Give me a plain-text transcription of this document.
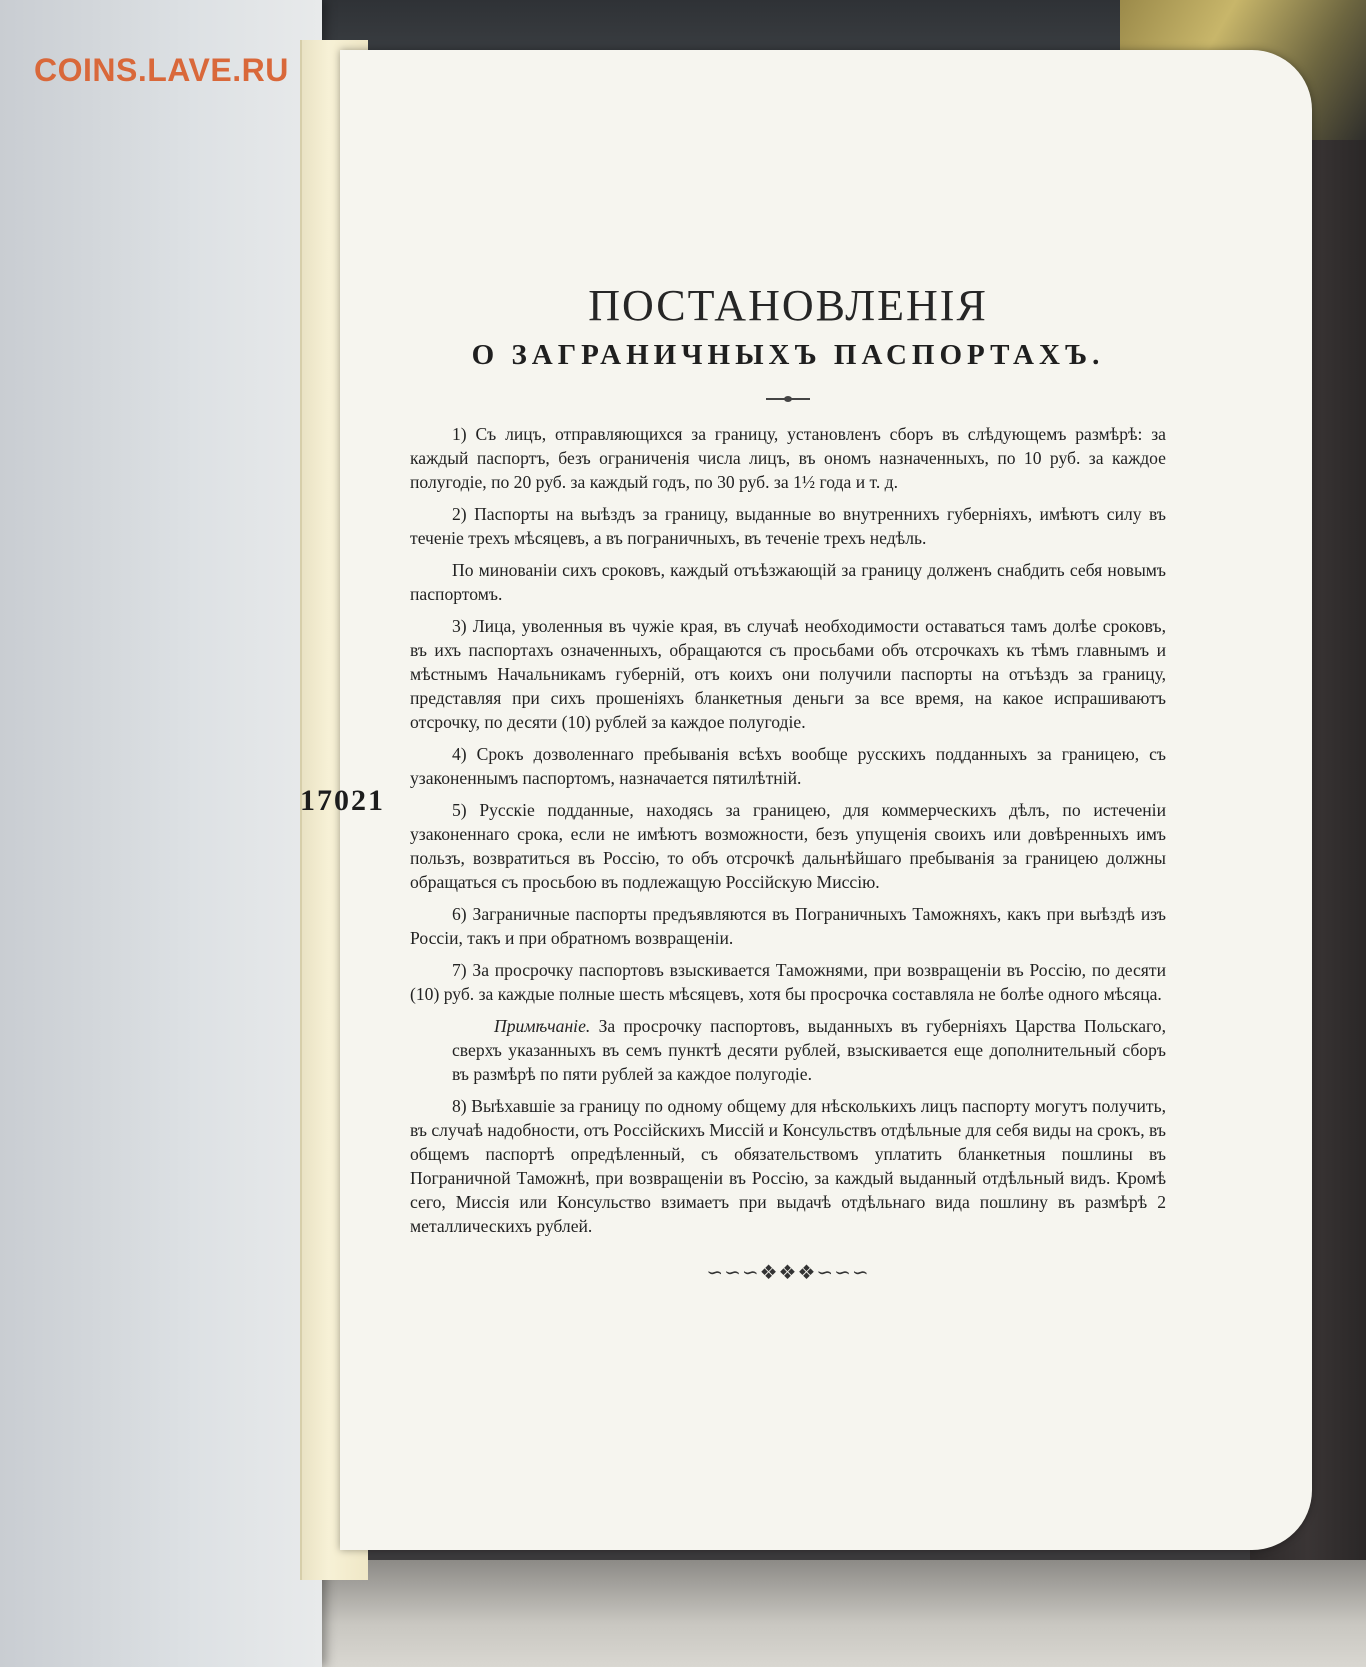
COINS.LAVE.RU
17021
ПОСТАНОВЛЕНІЯ
О ЗАГРАНИЧНЫХЪ ПАСПОРТАХЪ.

1) Съ лицъ, отправляющихся за границу, установленъ сборъ въ слѣдующемъ размѣрѣ: за каждый паспортъ, безъ ограниченія числа лицъ, въ ономъ назначенныхъ, по 10 руб. за каждое полугодіе, по 20 руб. за каждый годъ, по 30 руб. за 1½ года и т. д.

2) Паспорты на выѣздъ за границу, выданные во внутреннихъ губерніяхъ, имѣютъ силу въ теченіе трехъ мѣсяцевъ, а въ пограничныхъ, въ теченіе трехъ недѣль.

По минованіи сихъ сроковъ, каждый отъѣзжающій за границу долженъ снабдить себя новымъ паспортомъ.

3) Лица, уволенныя въ чужіе края, въ случаѣ необходимости оставаться тамъ долѣе сроковъ, въ ихъ паспортахъ означенныхъ, обращаются съ просьбами объ отсрочкахъ къ тѣмъ главнымъ и мѣстнымъ Начальникамъ губерній, отъ коихъ они получили паспорты на отъѣздъ за границу, представляя при сихъ прошеніяхъ бланкетныя деньги за все время, на какое испрашиваютъ отсрочку, по десяти (10) рублей за каждое полугодіе.

4) Срокъ дозволеннаго пребыванія всѣхъ вообще русскихъ подданныхъ за границею, съ узаконеннымъ паспортомъ, назначается пятилѣтній.

5) Русскіе подданные, находясь за границею, для коммерческихъ дѣлъ, по истеченіи узаконеннаго срока, если не имѣютъ возможности, безъ упущенія своихъ или довѣренныхъ имъ пользъ, возвратиться въ Россію, то объ отсрочкѣ дальнѣйшаго пребыванія за границею должны обращаться съ просьбою въ подлежащую Россійскую Миссію.

6) Заграничные паспорты предъявляются въ Пограничныхъ Таможняхъ, какъ при выѣздѣ изъ Россіи, такъ и при обратномъ возвращеніи.

7) За просрочку паспортовъ взыскивается Таможнями, при возвращеніи въ Россію, по десяти (10) руб. за каждые полные шесть мѣсяцевъ, хотя бы просрочка составляла не болѣе одного мѣсяца.

Примѣчаніе. За просрочку паспортовъ, выданныхъ въ губерніяхъ Царства Польскаго, сверхъ указанныхъ въ семъ пунктѣ десяти рублей, взыскивается еще дополнительный сборъ въ размѣрѣ по пяти рублей за каждое полугодіе.

8) Выѣхавшіе за границу по одному общему для нѣсколькихъ лицъ паспорту могутъ получить, въ случаѣ надобности, отъ Россійскихъ Миссій и Консульствъ отдѣльные для себя виды на срокъ, въ общемъ паспортѣ опредѣленный, съ обязательствомъ уплатить бланкетныя пошлины въ Пограничной Таможнѣ, при возвращеніи въ Россію, за каждый выданный отдѣльный видъ. Кромѣ сего, Миссія или Консульство взимаетъ при выдачѣ отдѣльнаго вида пошлину въ размѣрѣ 2 металлическихъ рублей.

∽∽∽❖❖❖∽∽∽
